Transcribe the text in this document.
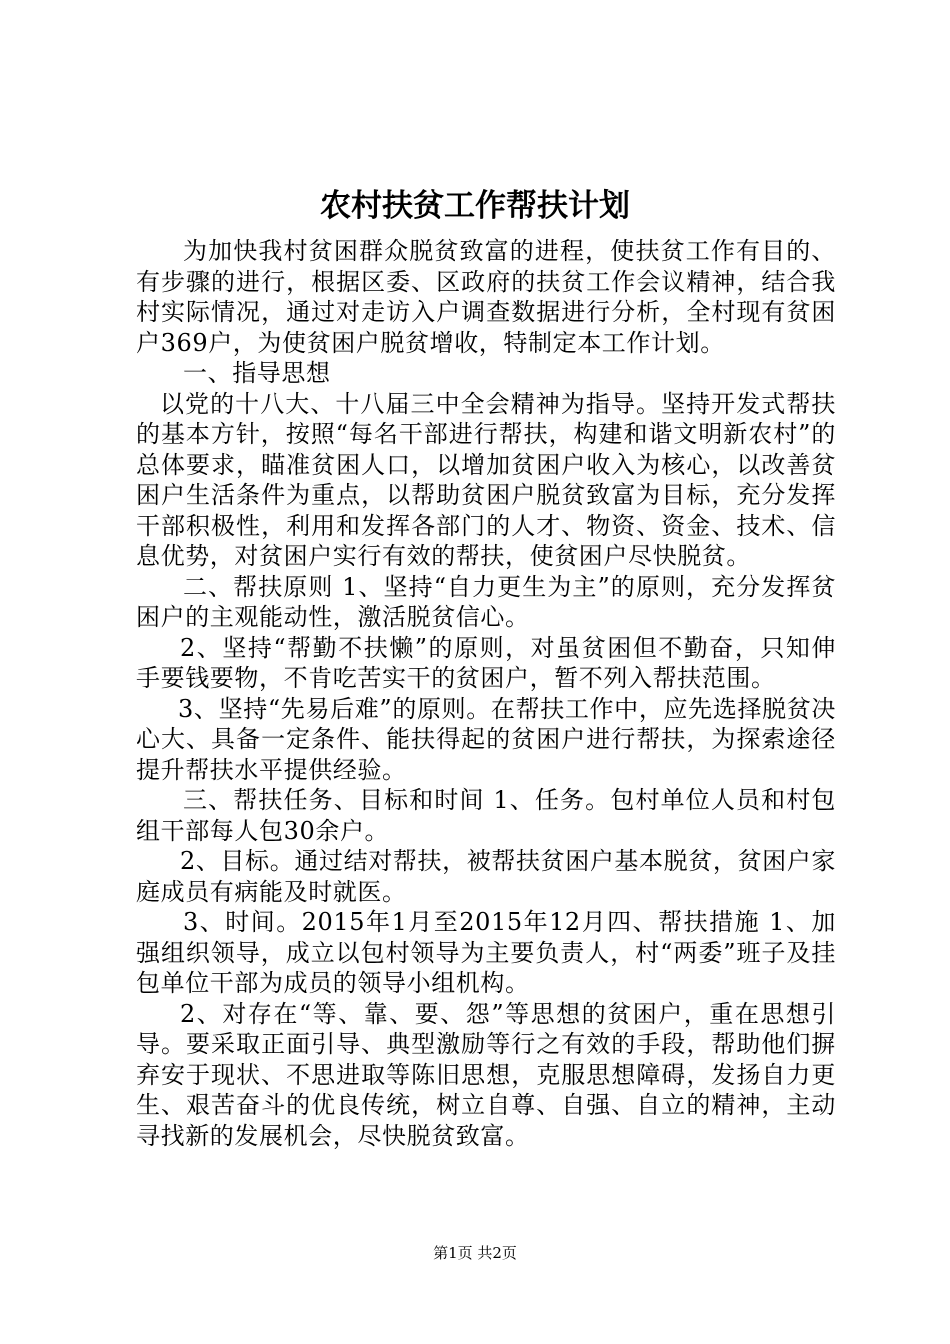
农村扶贫工作帮扶计划

为加快我村贫困群众脱贫致富的进程，使扶贫工作有目的、有步骤的进行，根据区委、区政府的扶贫工作会议精神，结合我村实际情况，通过对走访入户调查数据进行分析，全村现有贫困户369户，为使贫困户脱贫增收，特制定本工作计划。

一、指导思想

以党的十八大、十八届三中全会精神为指导。坚持开发式帮扶的基本方针，按照“每名干部进行帮扶，构建和谐文明新农村”的总体要求，瞄准贫困人口，以增加贫困户收入为核心，以改善贫困户生活条件为重点，以帮助贫困户脱贫致富为目标，充分发挥干部积极性，利用和发挥各部门的人才、物资、资金、技术、信息优势，对贫困户实行有效的帮扶，使贫困户尽快脱贫。

二、帮扶原则 1、坚持“自力更生为主”的原则，充分发挥贫困户的主观能动性，激活脱贫信心。

2、坚持“帮勤不扶懒”的原则，对虽贫困但不勤奋，只知伸手要钱要物，不肯吃苦实干的贫困户，暂不列入帮扶范围。

3、坚持“先易后难”的原则。在帮扶工作中，应先选择脱贫决心大、具备一定条件、能扶得起的贫困户进行帮扶，为探索途径提升帮扶水平提供经验。

三、帮扶任务、目标和时间 1、任务。包村单位人员和村包组干部每人包30余户。

2、目标。通过结对帮扶，被帮扶贫困户基本脱贫，贫困户家庭成员有病能及时就医。

3、时间。2015年1月至2015年12月四、帮扶措施 1、加强组织领导，成立以包村领导为主要负责人，村“两委”班子及挂包单位干部为成员的领导小组机构。

2、对存在“等、靠、要、怨”等思想的贫困户，重在思想引导。要采取正面引导、典型激励等行之有效的手段，帮助他们摒弃安于现状、不思进取等陈旧思想，克服思想障碍，发扬自力更生、艰苦奋斗的优良传统，树立自尊、自强、自立的精神，主动寻找新的发展机会，尽快脱贫致富。

第1页 共2页
